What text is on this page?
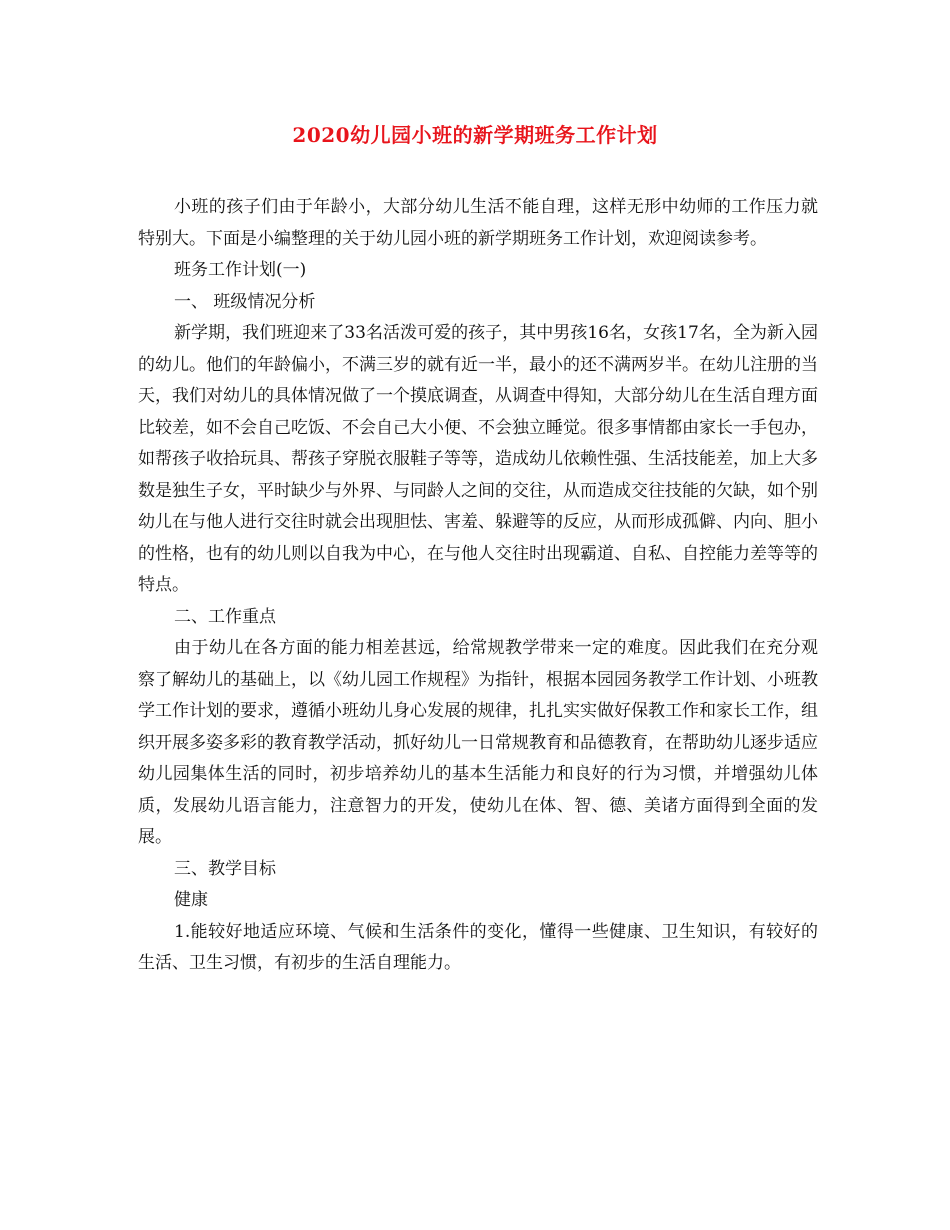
2020幼儿园小班的新学期班务工作计划

小班的孩子们由于年龄小，大部分幼儿生活不能自理，这样无形中幼师的工作压力就特别大。下面是小编整理的关于幼儿园小班的新学期班务工作计划，欢迎阅读参考。

班务工作计划(一)

一、 班级情况分析

新学期，我们班迎来了33名活泼可爱的孩子，其中男孩16名，女孩17名，全为新入园的幼儿。他们的年龄偏小，不满三岁的就有近一半，最小的还不满两岁半。在幼儿注册的当天，我们对幼儿的具体情况做了一个摸底调查，从调查中得知，大部分幼儿在生活自理方面比较差，如不会自己吃饭、不会自己大小便、不会独立睡觉。很多事情都由家长一手包办，如帮孩子收拾玩具、帮孩子穿脱衣服鞋子等等，造成幼儿依赖性强、生活技能差，加上大多数是独生子女，平时缺少与外界、与同龄人之间的交往，从而造成交往技能的欠缺，如个别幼儿在与他人进行交往时就会出现胆怯、害羞、躲避等的反应，从而形成孤僻、内向、胆小的性格，也有的幼儿则以自我为中心，在与他人交往时出现霸道、自私、自控能力差等等的特点。

二、工作重点

由于幼儿在各方面的能力相差甚远，给常规教学带来一定的难度。因此我们在充分观察了解幼儿的基础上，以《幼儿园工作规程》为指针，根据本园园务教学工作计划、小班教学工作计划的要求，遵循小班幼儿身心发展的规律，扎扎实实做好保教工作和家长工作，组织开展多姿多彩的教育教学活动，抓好幼儿一日常规教育和品德教育，在帮助幼儿逐步适应幼儿园集体生活的同时，初步培养幼儿的基本生活能力和良好的行为习惯，并增强幼儿体质，发展幼儿语言能力，注意智力的开发，使幼儿在体、智、德、美诸方面得到全面的发展。

三、教学目标

健康

1.能较好地适应环境、气候和生活条件的变化，懂得一些健康、卫生知识，有较好的生活、卫生习惯，有初步的生活自理能力。
